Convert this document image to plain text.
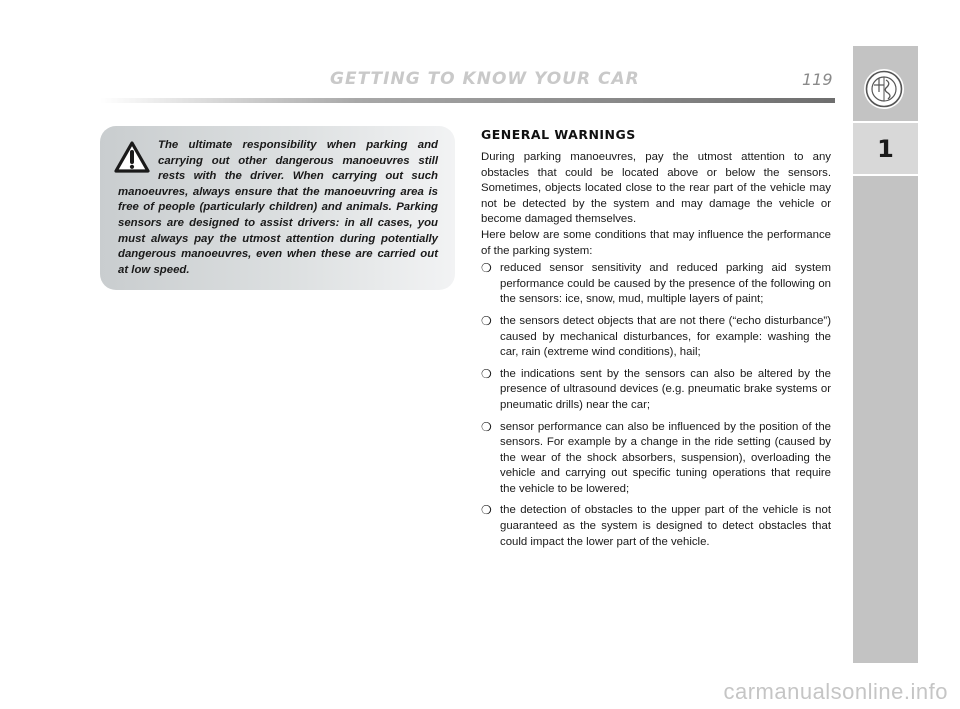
GETTING TO KNOW YOUR CAR	119
1

The ultimate responsibility when parking and carrying out other dangerous manoeuvres still rests with the driver. When carrying out such manoeuvres, always ensure that the manoeuvring area is free of people (particularly children) and animals. Parking sensors are designed to assist drivers: in all cases, you must always pay the utmost attention during potentially dangerous manoeuvres, even when these are carried out at low speed.

GENERAL WARNINGS

During parking manoeuvres, pay the utmost attention to any obstacles that could be located above or below the sensors. Sometimes, objects located close to the rear part of the vehicle may not be detected by the system and may damage the vehicle or become damaged themselves.

Here below are some conditions that may influence the performance of the parking system:

❍ reduced sensor sensitivity and reduced parking aid system performance could be caused by the presence of the following on the sensors: ice, snow, mud, multiple layers of paint;
❍ the sensors detect objects that are not there (“echo disturbance”) caused by mechanical disturbances, for example: washing the car, rain (extreme wind conditions), hail;
❍ the indications sent by the sensors can also be altered by the presence of ultrasound devices (e.g. pneumatic brake systems or pneumatic drills) near the car;
❍ sensor performance can also be influenced by the position of the sensors. For example by a change in the ride setting (caused by the wear of the shock absorbers, suspension), overloading the vehicle and carrying out specific tuning operations that require the vehicle to be lowered;
❍ the detection of obstacles to the upper part of the vehicle is not guaranteed as the system is designed to detect obstacles that could impact the lower part of the vehicle.
carmanualsonline.info
